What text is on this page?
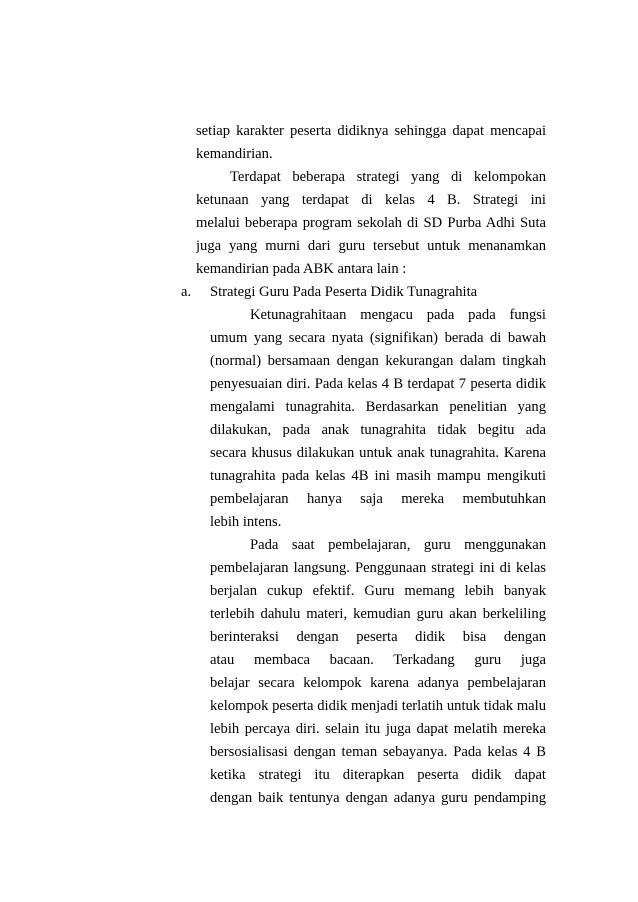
setiap karakter peserta didiknya sehingga dapat mencapai

kemandirian.

Terdapat beberapa strategi yang di kelompokan

ketunaan yang terdapat di kelas 4 B. Strategi ini

melalui beberapa program sekolah di SD Purba Adhi Suta

juga yang murni dari guru tersebut untuk menanamkan

kemandirian pada ABK antara lain :

a. Strategi Guru Pada Peserta Didik Tunagrahita

Ketunagrahitaan mengacu pada pada fungsi

umum yang secara nyata (signifikan) berada di bawah

(normal) bersamaan dengan kekurangan dalam tingkah

penyesuaian diri. Pada kelas 4 B terdapat 7 peserta didik

mengalami tunagrahita. Berdasarkan penelitian yang

dilakukan, pada anak tunagrahita tidak begitu ada

secara khusus dilakukan untuk anak tunagrahita. Karena

tunagrahita pada kelas 4B ini masih mampu mengikuti

pembelajaran hanya saja mereka membutuhkan

lebih intens.

Pada saat pembelajaran, guru menggunakan

pembelajaran langsung. Penggunaan strategi ini di kelas

berjalan cukup efektif. Guru memang lebih banyak

terlebih dahulu materi, kemudian guru akan berkeliling

berinteraksi dengan peserta didik bisa dengan

atau membaca bacaan. Terkadang guru juga

belajar secara kelompok karena adanya pembelajaran

kelompok peserta didik menjadi terlatih untuk tidak malu

lebih percaya diri. selain itu juga dapat melatih mereka

bersosialisasi dengan teman sebayanya. Pada kelas 4 B

ketika strategi itu diterapkan peserta didik dapat

dengan baik tentunya dengan adanya guru pendamping
